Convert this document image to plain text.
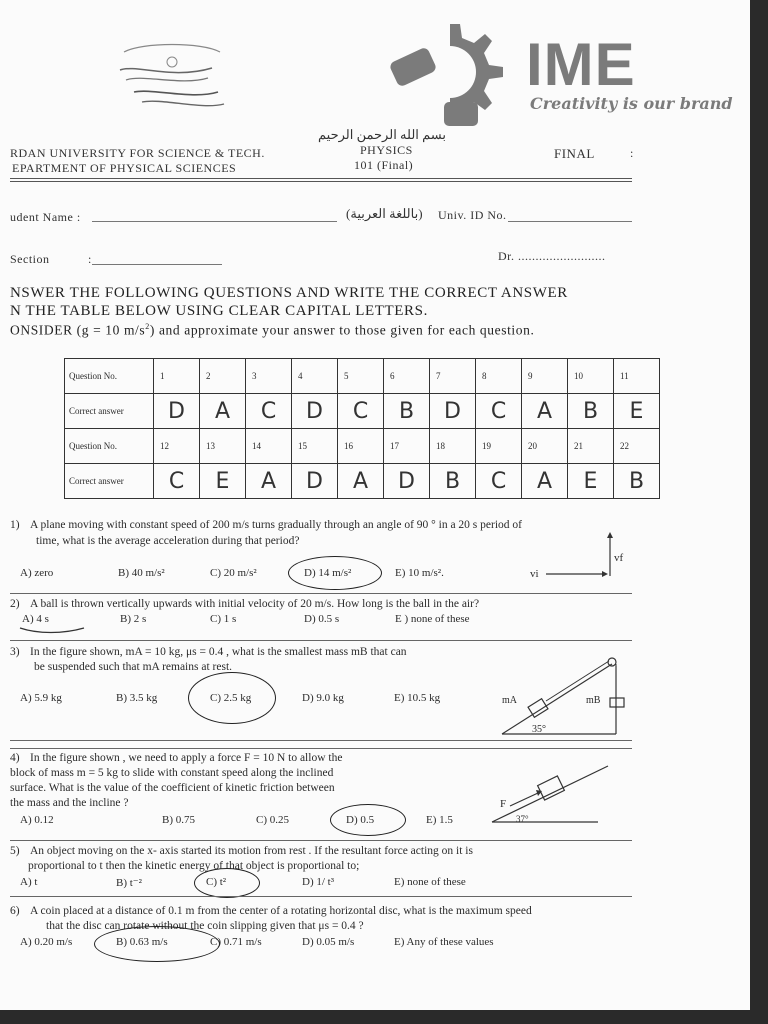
IME
Creativity is our brand
بسم الله الرحمن الرحيم
RDAN UNIVERSITY FOR SCIENCE & TECH.
EPARTMENT OF PHYSICAL SCIENCES
PHYSICS
101 (Final)
FINAL	:
udent Name :	(باللغة العربية) Univ. ID No.
Section	:	Dr. .........................
NSWER THE FOLLOWING QUESTIONS AND WRITE THE CORRECT ANSWER
N THE TABLE BELOW USING CLEAR CAPITAL LETTERS.
ONSIDER (g = 10 $m/s^2$) and approximate your answer to those given for each question.
Question No.	1	2	3	4	5	6	7	8	9	10	11
Correct answer	D	A	C	D	C	B	D	C	A	B	E
Question No.	12	13	14	15	16	17	18	19	20	21	22
Correct answer	C	E	A	D	A	D	B	C	A	E	B
1) A plane moving with constant speed of 200 m/s turns gradually through an angle of 90 ° in a 20 s period of
time, what is the average acceleration during that period?
A) zero	B) 40 m/s²	C) 20 m/s²	D) 14 m/s²	E) 10 m/s².	vi
vf
2) A ball is thrown vertically upwards with initial velocity of 20 m/s. How long is the ball in the air?
A) 4 s	B) 2 s	C) 1 s	D) 0.5 s	E ) none of these
3) In the figure shown, mA = 10 kg, μs = 0.4 , what is the smallest mass mB that can
be suspended such that mA remains at rest.
A) 5.9 kg	B) 3.5 kg	C) 2.5 kg	D) 9.0 kg	E) 10.5 kg	mA	mB
35°
4) In the figure shown , we need to apply a force F = 10 N to allow the
block of mass m = 5 kg to slide with constant speed along the inclined
surface. What is the value of the coefficient of kinetic friction between
the mass and the incline ?
A) 0.12	B) 0.75	C) 0.25	D) 0.5	E) 1.5
F
37°
5) An object moving on the x- axis started its motion from rest . If the resultant force acting on it is
proportional to t then the kinetic energy of that object is proportional to;
A) t	B) t⁻²	C) t²	D) 1/ t³	E) none of these
6) A coin placed at a distance of 0.1 m from the center of a rotating horizontal disc, what is the maximum speed
that the disc can rotate without the coin slipping given that μs = 0.4 ?
A) 0.20 m/s	B) 0.63 m/s	C) 0.71 m/s	D) 0.05 m/s	E) Any of these values
